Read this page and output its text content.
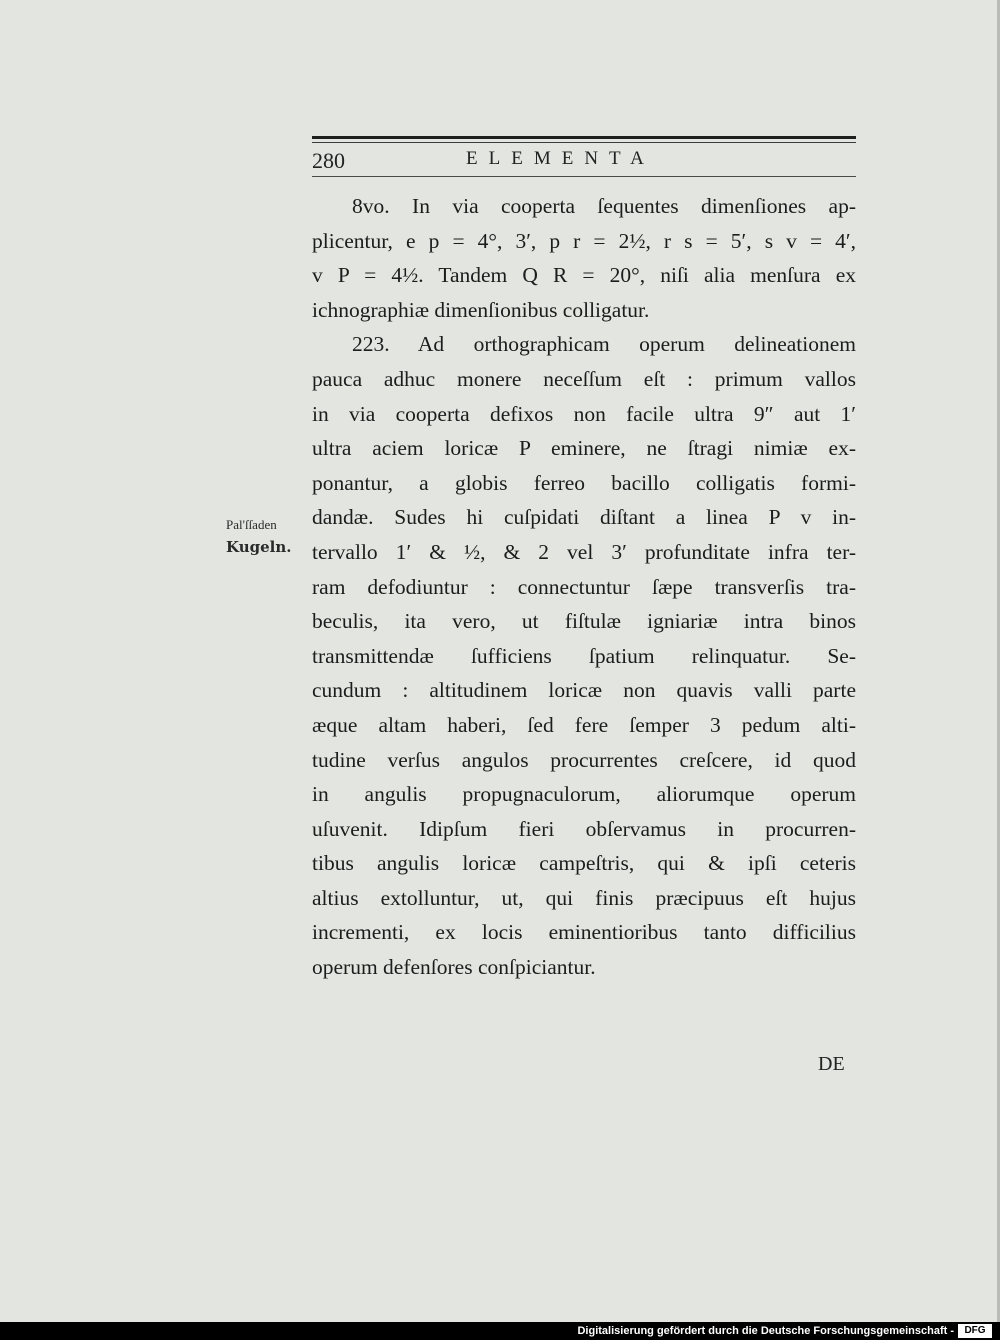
280	ELEMENTA
8vo. In via cooperta ſequentes dimenſiones ap-
plicentur, e p = 4°, 3′, p r = 2½, r s = 5′, s v = 4′,
v P = 4½. Tandem Q R = 20°, niſi alia menſura ex
ichnographiæ dimenſionibus colligatur.
223. Ad orthographicam operum delineationem
pauca adhuc monere neceſſum eſt : primum vallos
in via cooperta defixos non facile ultra 9″ aut 1′
ultra aciem loricæ P eminere, ne ſtragi nimiæ ex-
ponantur, a globis ferreo bacillo colligatis formi-
dandæ. Sudes hi cuſpidati diſtant a linea P v in-
tervallo 1′ & ½, & 2 vel 3′ profunditate infra ter-
ram defodiuntur : connectuntur ſæpe transverſis tra-
beculis, ita vero, ut fiſtulæ igniariæ intra binos
transmittendæ ſufficiens ſpatium relinquatur. Se-
cundum : altitudinem loricæ non quavis valli parte
æque altam haberi, ſed fere ſemper 3 pedum alti-
tudine verſus angulos procurrentes creſcere, id quod
in angulis propugnaculorum, aliorumque operum
uſuvenit. Idipſum fieri obſervamus in procurren-
tibus angulis loricæ campeſtris, qui & ipſi ceteris
altius extolluntur, ut, qui finis præcipuus eſt hujus
incrementi, ex locis eminentioribus tanto difficilius
operum defenſores conſpiciantur.
Pal'ſſaden
Kugeln.
DE
Digitalisierung gefördert durch die Deutsche Forschungsgemeinschaft -	DFG
